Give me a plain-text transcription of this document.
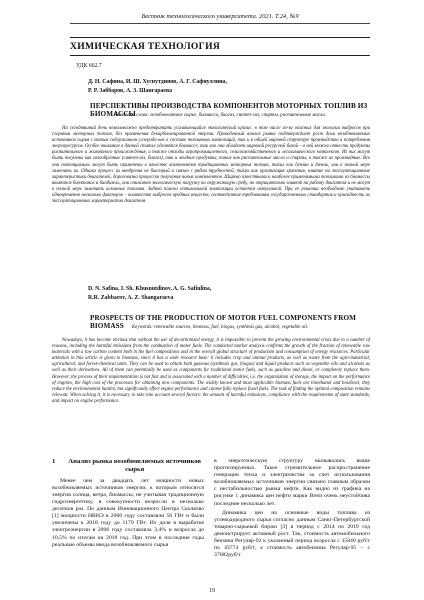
Вестник технологического университета. 2021. Т.24, №9
ХИМИЧЕСКАЯ ТЕХНОЛОГИЯ
УДК 662.7
Д. Н. Сафина, И. Ш. Хуснутдинов, А. Г. Сафиуллина,
Р. Р. Заббаров, А. З. Шангараева
ПЕРСПЕКТИВЫ ПРОИЗВОДСТВА КОМПОНЕНТОВ МОТОРНЫХ ТОПЛИВ ИЗ БИОМАССЫ
Ключевые слова: возобновляемое сырье, биомасса, биогаз, синтез-газ, спирты, растительные масла.
На сегодняшний день немаловажно предотвратить усиливающийся экологический кризис, в том числе из-за опасных для экологии выбросов при сгорании моторных топлив, без применения декарбонизированной энергии. Проведенный анализ рынка подтверждает рост доли возобновляемых источников сырья с низким содержанием углерода как в составе топливных композиций, так и в общей мировой структуре производства и потребления энергоресурсов. Особое внимание в данной статье уделяется биомассе, так как она обладает широкой ресурсной базой – в ней можно отнести продукты растительного и животного происхождения, а также отходы агропромышленного, сельскохозяйственного и лесохимического комплексов. Из них могут быть получены как газообразные (синтез-газ, биогаз), так и жидкие продукты, такие как растительные масла и спирты, а также их производные. Все они потенциально могут быть применены в качестве компонентов традиционных моторных топлив, таких как бензин и дизель, или в полной мере заменить их. Однако процесс их внедрения не быстрый и связан с рядом трудностей, таких как организация хранения, влияние на эксплуатационные характеристики двигателей, дороговизна процессов получения новых компонентов. Широко известными и наиболее применимыми топливами из биомассы являются биоэтанол и биодизель, они снижают экологическую нагрузку на окружающую среду, но отрицательно влияют на работу двигателя и не могут в полной мере заменить исконные топлива. Задача поиска оптимальной композиции остается актуальной. При ее решении необходимо учитывать одновременно несколько факторов – количество выбросов вредных веществ, соответствие требованиям государственных стандартов и пригодность их эксплуатационных характеристик двигателя.
D. N. Safina, I. Sh. Khusnutdinov, A. G. Safiulina,
R.R. Zabbarov, A. Z. Shangaraeva
PROSPECTS OF THE PRODUCTION OF MOTOR FUEL COMPONENTS FROM BIOMASS	Keywords: renewable sources, biomass, fuel, biogas, synthesis gas, alcohol, vegetable oil.
Nowadays, it has become obvious that without the use of decarbonized energy, it is impossible to prevent the growing environmental crisis due to a number of reasons, including the harmful emissions from the combustion of motor fuels. The conducted market analysis confirms the growth of the fraction of renewable raw materials with a low carbon content both in the fuel compositions and in the overall global structure of production and consumption of energy resources. Particular attention in this article is given to biomass, since it has a wide resource base: it includes crop and animal products, as well as waste from the agro-industrial, agricultural, and forest-chemical units. They can be used to obtain both gaseous (synthesis gas, biogas) and liquid products such as vegetable oils and alcohols as well as their derivatives. All of them can potentially be used as components for traditional motor fuels, such as gasoline and diesel, or completely replace them. However, the process of their implementation is not fast and is associated with a number of difficulties, i.e. the organization of storage, the impact on the performance of engines, the high cost of the processes for obtaining new components. The widely known and most applicable biomass fuels are bioethanol and biodiesel, they reduce the environmental burden, but significantly effect engine performance and cannot fully replace fossil fuels. The task of finding the optimal composition remains relevant. When solving it, it is necessary to take into account several factors: the amount of harmful emissions, compliance with the requirements of state standards, and impact on engine performance.
1	Анализ рынка возобновляемых источников сырья

Менее чем за двадцать лет мощности новых возобновляемых источников энергии, к которым относятся энергия солнца, ветра, биомассы, не учитывая традиционную гидроэнергетику, в совокупности возросли в несколько десятков раз. По данным Инновационного Центра Сколково [1] мощности НВИЭ в 2000 году составляли 56 ГВт и были увеличены к 2018 году до 1179 ГВт. Их доля в выработке электроэнергии в 2006 году составляла 3,4% и возросла до 10,5% по итогам на 2018 год. При этом в последние годы реальные объемы ввода возобновляемого сырья

в энергетическую структуру оказывались выше прогнозируемых. Такое стремительное распространение генерации тепла и электричества за счет использования возобновляемых источников энергии связано главным образом с нестабильностью рынка нефти. Как видно из графика на рисунке 1 динамика цен нефти марки Brent очень неустойчива последние несколько лет.

Динамика цен на основные виды топлива из углеводородного сырья согласно данным Санкт-Петербургской товарно-сырьевой биржи [3] в период с 2014 по 2019 год демонстрирует активный рост. Так, стоимость автомобильного бензина Регуляр-92 к указанный период возросла с 35840 руб/т по 43774 руб/т, а стоимость автобензина Регуляр-95 – с 37682руб/т

19
